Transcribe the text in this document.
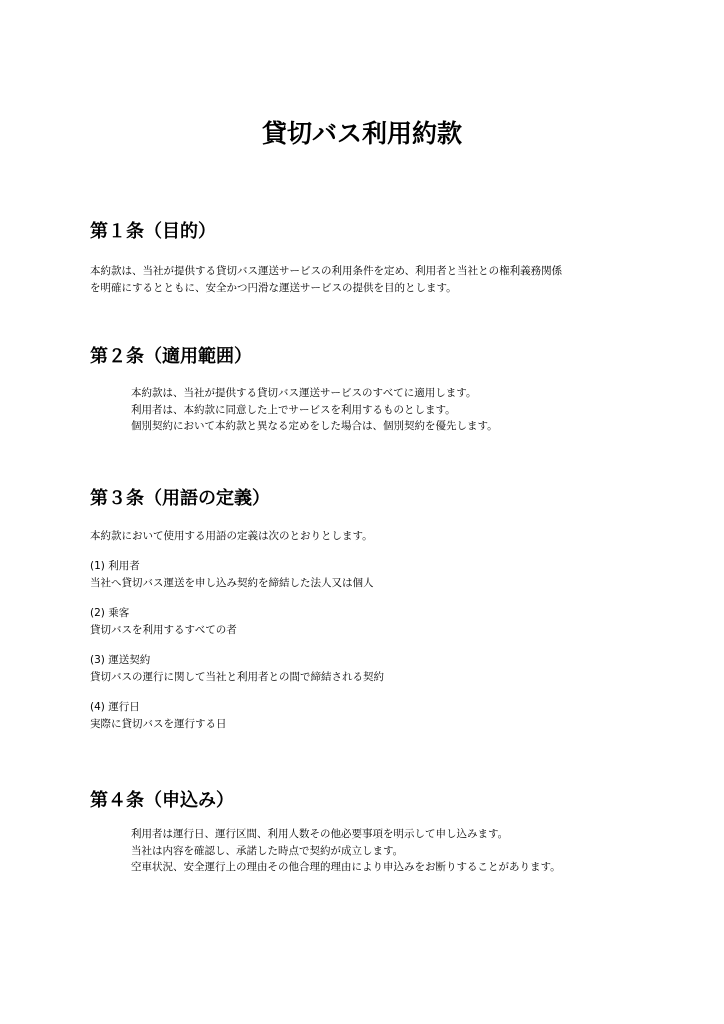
貸切バス利用約款
第１条（目的）
本約款は、当社が提供する貸切バス運送サービスの利用条件を定め、利用者と当社との権利義務関係
を明確にするとともに、安全かつ円滑な運送サービスの提供を目的とします。
第２条（適用範囲）
本約款は、当社が提供する貸切バス運送サービスのすべてに適用します。
利用者は、本約款に同意した上でサービスを利用するものとします。
個別契約において本約款と異なる定めをした場合は、個別契約を優先します。
第３条（用語の定義）
本約款において使用する用語の定義は次のとおりとします。
(1) 利用者
当社へ貸切バス運送を申し込み契約を締結した法人又は個人
(2) 乗客
貸切バスを利用するすべての者
(3) 運送契約
貸切バスの運行に関して当社と利用者との間で締結される契約
(4) 運行日
実際に貸切バスを運行する日
第４条（申込み）
利用者は運行日、運行区間、利用人数その他必要事項を明示して申し込みます。
当社は内容を確認し、承諾した時点で契約が成立します。
空車状況、安全運行上の理由その他合理的理由により申込みをお断りすることがあります。
